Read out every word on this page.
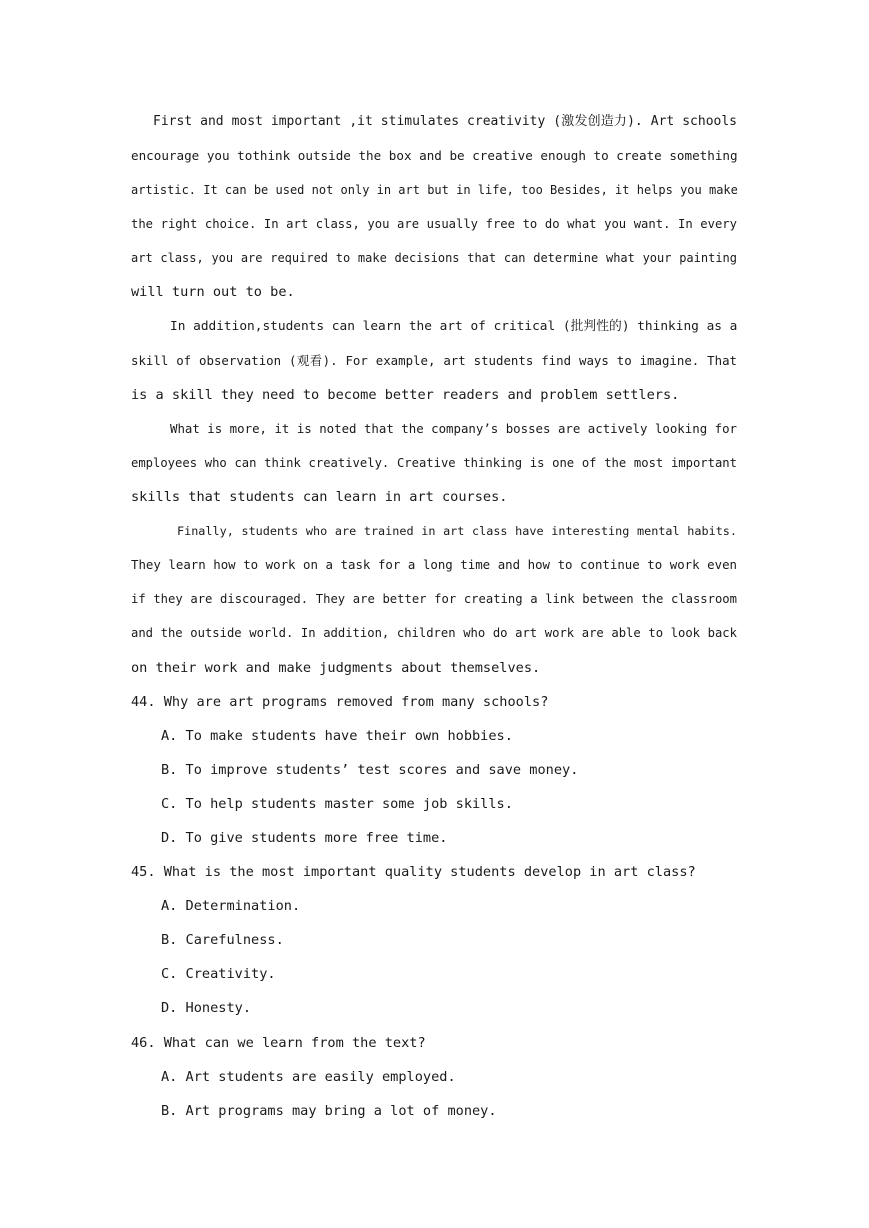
First and most important ,it stimulates creativity (激发创造力). Art schools
encourage you tothink outside the box and be creative enough to create something
artistic. It can be used not only in art but in life, too Besides, it helps you make
the right choice. In art class, you are usually free to do what you want. In every
art class, you are required to make decisions that can determine what your painting
will turn out to be.
In addition,students can learn the art of critical (批判性的) thinking as a
skill of observation (观看). For example, art students find ways to imagine. That
is a skill they need to become better readers and problem settlers.
What is more, it is noted that the company’s bosses are actively looking for
employees who can think creatively. Creative thinking is one of the most important
skills that students can learn in art courses.
Finally, students who are trained in art class have interesting mental habits.
They learn how to work on a task for a long time and how to continue to work even
if they are discouraged. They are better for creating a link between the classroom
and the outside world. In addition, children who do art work are able to look back
on their work and make judgments about themselves.
44. Why are art programs removed from many schools?
A. To make students have their own hobbies.
B. To improve students’ test scores and save money.
C. To help students master some job skills.
D. To give students more free time.
45. What is the most important quality students develop in art class?
A. Determination.
B. Carefulness.
C. Creativity.
D. Honesty.
46. What can we learn from the text?
A. Art students are easily employed.
B. Art programs may bring a lot of money.
